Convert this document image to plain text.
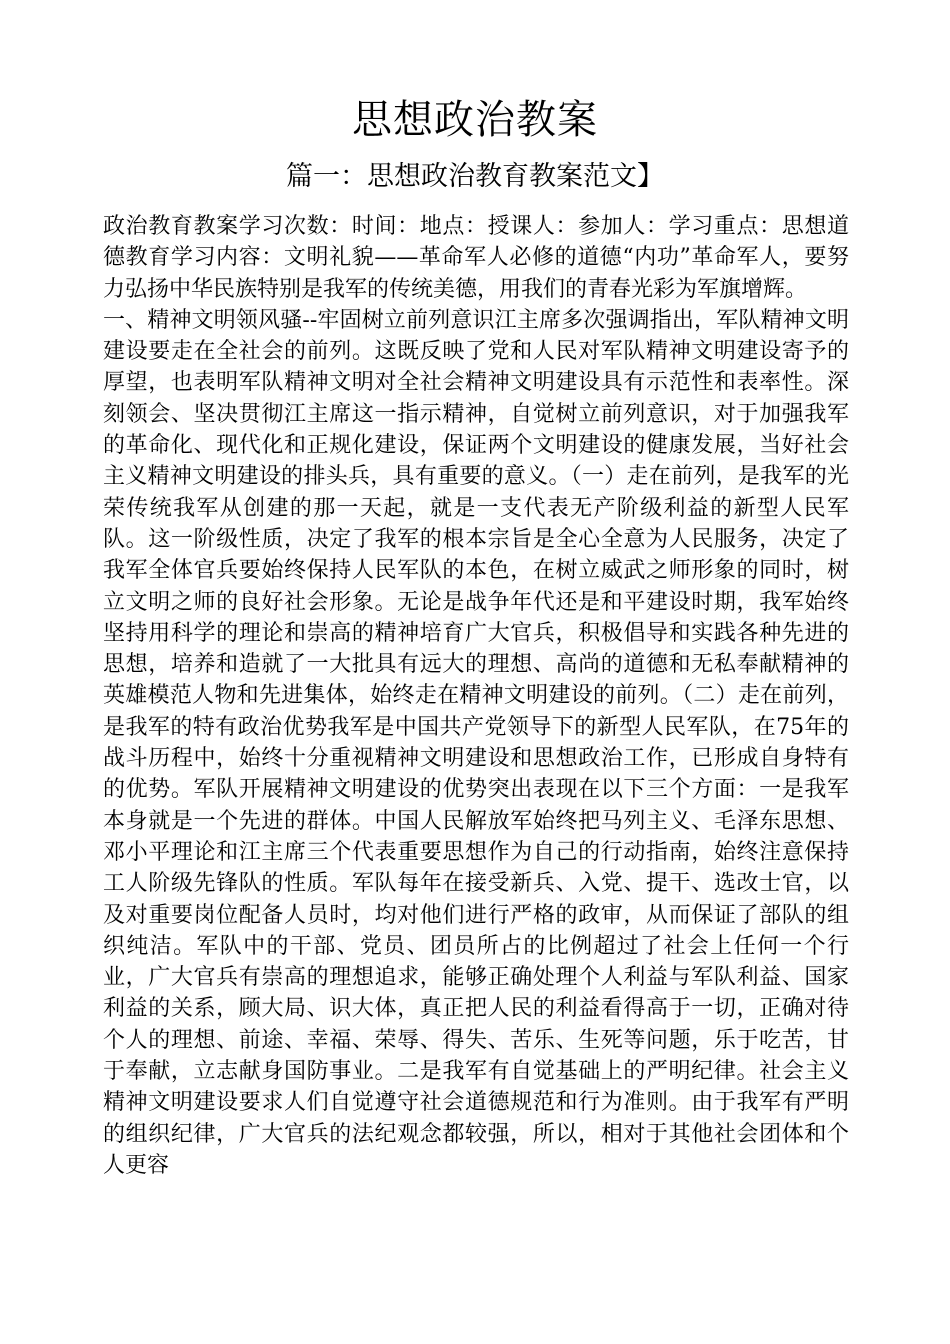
思想政治教案
篇一：思想政治教育教案范文】

政治教育教案学习次数：时间：地点：授课人：参加人：学习重点：思想道德教育学习内容：文明礼貌——革命军人必修的道德“内功”革命军人，要努力弘扬中华民族特别是我军的传统美德，用我们的青春光彩为军旗增辉。

一、精神文明领风骚--牢固树立前列意识江主席多次强调指出，军队精神文明建设要走在全社会的前列。这既反映了党和人民对军队精神文明建设寄予的厚望，也表明军队精神文明对全社会精神文明建设具有示范性和表率性。深刻领会、坚决贯彻江主席这一指示精神，自觉树立前列意识，对于加强我军的革命化、现代化和正规化建设，保证两个文明建设的健康发展，当好社会主义精神文明建设的排头兵，具有重要的意义。（一）走在前列，是我军的光荣传统我军从创建的那一天起，就是一支代表无产阶级利益的新型人民军队。这一阶级性质，决定了我军的根本宗旨是全心全意为人民服务，决定了我军全体官兵要始终保持人民军队的本色，在树立威武之师形象的同时，树立文明之师的良好社会形象。无论是战争年代还是和平建设时期，我军始终坚持用科学的理论和崇高的精神培育广大官兵，积极倡导和实践各种先进的思想，培养和造就了一大批具有远大的理想、高尚的道德和无私奉献精神的英雄模范人物和先进集体，始终走在精神文明建设的前列。（二）走在前列，是我军的特有政治优势我军是中国共产党领导下的新型人民军队，在75年的战斗历程中，始终十分重视精神文明建设和思想政治工作，已形成自身特有的优势。军队开展精神文明建设的优势突出表现在以下三个方面：一是我军本身就是一个先进的群体。中国人民解放军始终把马列主义、毛泽东思想、邓小平理论和江主席三个代表重要思想作为自己的行动指南，始终注意保持工人阶级先锋队的性质。军队每年在接受新兵、入党、提干、选改士官，以及对重要岗位配备人员时，均对他们进行严格的政审，从而保证了部队的组织纯洁。军队中的干部、党员、团员所占的比例超过了社会上任何一个行业，广大官兵有崇高的理想追求，能够正确处理个人利益与军队利益、国家利益的关系，顾大局、识大体，真正把人民的利益看得高于一切，正确对待个人的理想、前途、幸福、荣辱、得失、苦乐、生死等问题，乐于吃苦，甘于奉献，立志献身国防事业。二是我军有自觉基础上的严明纪律。社会主义精神文明建设要求人们自觉遵守社会道德规范和行为准则。由于我军有严明的组织纪律，广大官兵的法纪观念都较强，所以，相对于其他社会团体和个人更容
